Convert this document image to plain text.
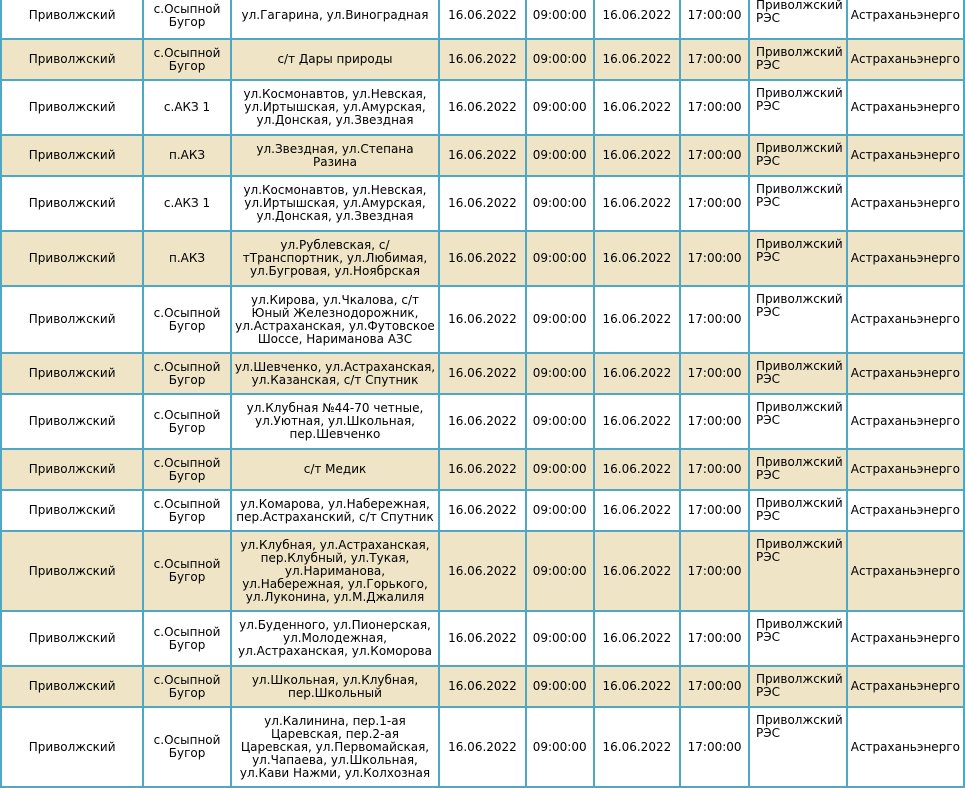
Приволжский	с.Осыпной Бугор	ул.Гагарина, ул.Виноградная	16.06.2022	09:00:00	16.06.2022	17:00:00	Приволжский РЭС	Астраханьэнерго
Приволжский	с.Осыпной Бугор	с/т Дары природы	16.06.2022	09:00:00	16.06.2022	17:00:00	Приволжский РЭС	Астраханьэнерго
Приволжский	с.АКЗ 1	ул.Космонавтов, ул.Невская, ул.Иртышская, ул.Амурская, ул.Донская, ул.Звездная	16.06.2022	09:00:00	16.06.2022	17:00:00	Приволжский РЭС	Астраханьэнерго
Приволжский	п.АКЗ	ул.Звездная, ул.Степана Разина	16.06.2022	09:00:00	16.06.2022	17:00:00	Приволжский РЭС	Астраханьэнерго
Приволжский	с.АКЗ 1	ул.Космонавтов, ул.Невская, ул.Иртышская, ул.Амурская, ул.Донская, ул.Звездная	16.06.2022	09:00:00	16.06.2022	17:00:00	Приволжский РЭС	Астраханьэнерго
Приволжский	п.АКЗ	ул.Рублевская, с/тТранспортник, ул.Любимая, ул.Бугровая, ул.Ноябрская	16.06.2022	09:00:00	16.06.2022	17:00:00	Приволжский РЭС	Астраханьэнерго
Приволжский	с.Осыпной Бугор	ул.Кирова, ул.Чкалова, с/т Юный Железнодорожник, ул.Астраханская, ул.Футовское Шоссе, Нариманова АЗС	16.06.2022	09:00:00	16.06.2022	17:00:00	Приволжский РЭС	Астраханьэнерго
Приволжский	с.Осыпной Бугор	ул.Шевченко, ул.Астраханская, ул.Казанская, с/т Спутник	16.06.2022	09:00:00	16.06.2022	17:00:00	Приволжский РЭС	Астраханьэнерго
Приволжский	с.Осыпной Бугор	ул.Клубная №44-70 четные, ул.Уютная, ул.Школьная, пер.Шевченко	16.06.2022	09:00:00	16.06.2022	17:00:00	Приволжский РЭС	Астраханьэнерго
Приволжский	с.Осыпной Бугор	с/т Медик	16.06.2022	09:00:00	16.06.2022	17:00:00	Приволжский РЭС	Астраханьэнерго
Приволжский	с.Осыпной Бугор	ул.Комарова, ул.Набережная, пер.Астраханский, с/т Спутник	16.06.2022	09:00:00	16.06.2022	17:00:00	Приволжский РЭС	Астраханьэнерго
Приволжский	с.Осыпной Бугор	ул.Клубная, ул.Астраханская, пер.Клубный, ул.Тукая, ул.Нариманова, ул.Набережная, ул.Горького, ул.Луконина, ул.М.Джалиля	16.06.2022	09:00:00	16.06.2022	17:00:00	Приволжский РЭС	Астраханьэнерго
Приволжский	с.Осыпной Бугор	ул.Буденного, ул.Пионерская, ул.Молодежная, ул.Астраханская, ул.Коморова	16.06.2022	09:00:00	16.06.2022	17:00:00	Приволжский РЭС	Астраханьэнерго
Приволжский	с.Осыпной Бугор	ул.Школьная, ул.Клубная, пер.Школьный	16.06.2022	09:00:00	16.06.2022	17:00:00	Приволжский РЭС	Астраханьэнерго
Приволжский	с.Осыпной Бугор	ул.Калинина, пер.1-ая Царевская, пер.2-ая Царевская, ул.Первомайская, ул.Чапаева, ул.Школьная, ул.Кави Нажми, ул.Колхозная	16.06.2022	09:00:00	16.06.2022	17:00:00	Приволжский РЭС	Астраханьэнерго
